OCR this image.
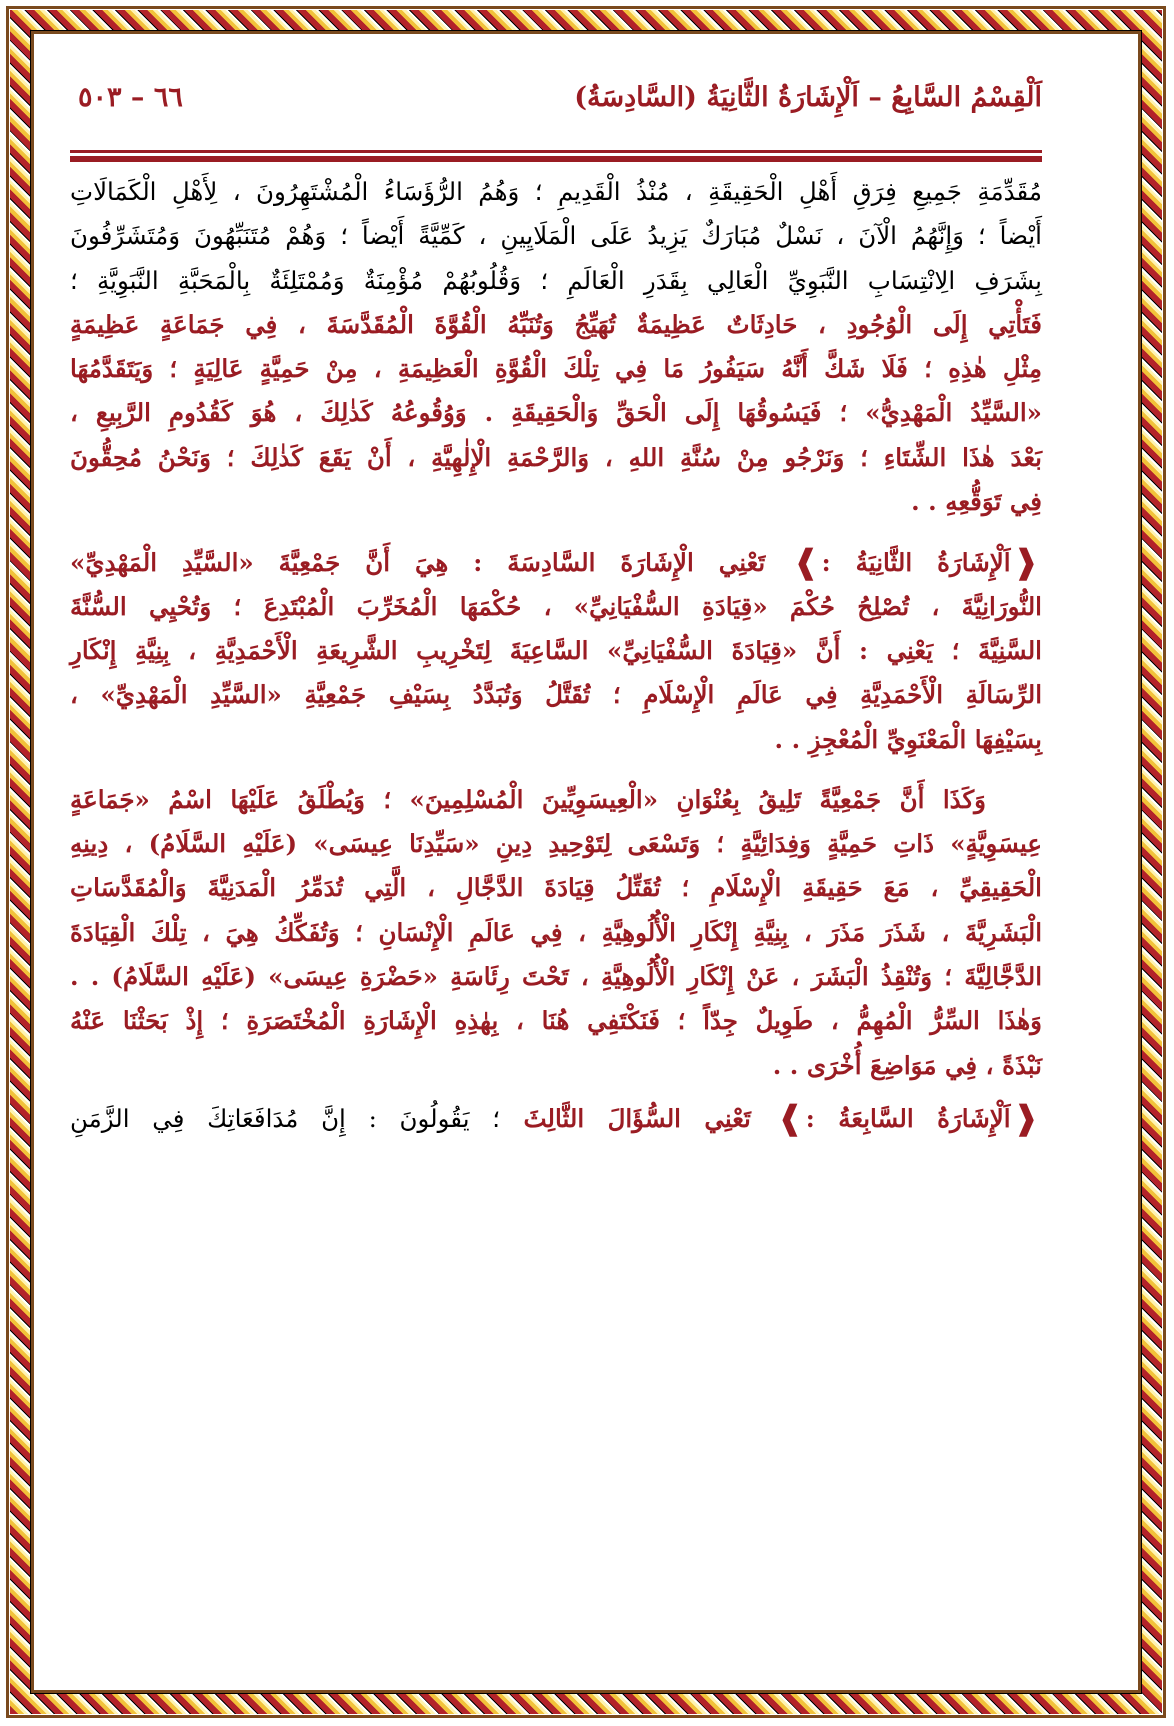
اَلْقِسْمُ السَّابِعُ – اَلْإِشَارَةُ الثَّانِيَةُ (السَّادِسَةُ)
٦٦ – ٥٠٣
مُقَدِّمَةِ جَمِيعِ فِرَقِ أَهْلِ الْحَقِيقَةِ ، مُنْذُ الْقَدِيمِ ؛ وَهُمُ الرُّؤَسَاءُ الْمُشْتَهِرُونَ ، لِأَهْلِ الْكَمَالَاتِ
أَيْضاً ؛ وَإِنَّهُمُ الْآنَ ، نَسْلٌ مُبَارَكٌ يَزِيدُ عَلَى الْمَلَايِينِ ، كَمِّيَّةً أَيْضاً ؛ وَهُمْ مُتَنَبِّهُونَ وَمُتَشَرِّفُونَ
بِشَرَفِ الِانْتِسَابِ النَّبَوِيِّ الْعَالِي بِقَدَرِ الْعَالَمِ ؛ وَقُلُوبُهُمْ مُؤْمِنَةٌ وَمُمْتَلِئَةٌ بِالْمَحَبَّةِ النَّبَوِيَّةِ ؛
فَتَأْتِي إِلَى الْوُجُودِ ، حَادِثَاتٌ عَظِيمَةٌ تُهَيِّجُ وَتُنَبِّهُ الْقُوَّةَ الْمُقَدَّسَةَ ، فِي جَمَاعَةٍ عَظِيمَةٍ
مِثْلِ هٰذِهِ ؛ فَلَا شَكَّ أَنَّهُ سَيَفُورُ مَا فِي تِلْكَ الْقُوَّةِ الْعَظِيمَةِ ، مِنْ حَمِيَّةٍ عَالِيَةٍ ؛ وَيَتَقَدَّمُهَا
«السَّيِّدُ الْمَهْدِيُّ» ؛ فَيَسُوقُهَا إِلَى الْحَقِّ وَالْحَقِيقَةِ . وَوُقُوعُهُ كَذٰلِكَ ، هُوَ كَقُدُومِ الرَّبِيعِ ،
بَعْدَ هٰذَا الشِّتَاءِ ؛ وَنَرْجُو مِنْ سُنَّةِ اللهِ ، وَالرَّحْمَةِ الْإِلٰهِيَّةِ ، أَنْ يَقَعَ كَذٰلِكَ ؛ وَنَحْنُ مُحِقُّونَ
فِي تَوَقُّعِهِ . .
❰اَلْإِشَارَةُ الثَّانِيَةُ :❱ تَعْنِي الْإِشَارَةَ السَّادِسَةَ : هِيَ أَنَّ جَمْعِيَّةَ «السَّيِّدِ الْمَهْدِيِّ»
النُّورَانِيَّةَ ، تُصْلِحُ حُكْمَ «قِيَادَةِ السُّفْيَانِيِّ» ، حُكْمَهَا الْمُخَرِّبَ الْمُبْتَدِعَ ؛ وَتُحْيِي السُّنَّةَ
السَّنِيَّةَ ؛ يَعْنِي : أَنَّ «قِيَادَةَ السُّفْيَانِيِّ» السَّاعِيَةَ لِتَخْرِيبِ الشَّرِيعَةِ الْأَحْمَدِيَّةِ ، بِنِيَّةِ إِنْكَارِ
الرِّسَالَةِ الْأَحْمَدِيَّةِ فِي عَالَمِ الْإِسْلَامِ ؛ تُقَتَّلُ وَتُبَدَّدُ بِسَيْفِ جَمْعِيَّةِ «السَّيِّدِ الْمَهْدِيِّ» ،
بِسَيْفِهَا الْمَعْنَوِيِّ الْمُعْجِزِ . .
وَكَذَا أَنَّ جَمْعِيَّةً تَلِيقُ بِعُنْوَانِ «الْعِيسَوِيِّينَ الْمُسْلِمِينَ» ؛ وَيُطْلَقُ عَلَيْهَا اسْمُ «جَمَاعَةٍ
عِيسَوِيَّةٍ» ذَاتِ حَمِيَّةٍ وَفِدَائِيَّةٍ ؛ وَتَسْعَى لِتَوْحِيدِ دِينِ «سَيِّدِنَا عِيسَى» (عَلَيْهِ السَّلَامُ) ، دِينِهِ
الْحَقِيقِيِّ ، مَعَ حَقِيقَةِ الْإِسْلَامِ ؛ تُقَتِّلُ قِيَادَةَ الدَّجَّالِ ، الَّتِي تُدَمِّرُ الْمَدَنِيَّةَ وَالْمُقَدَّسَاتِ
الْبَشَرِيَّةَ ، شَذَرَ مَذَرَ ، بِنِيَّةِ إِنْكَارِ الْأُلُوهِيَّةِ ، فِي عَالَمِ الْإِنْسَانِ ؛ وَتُفَكِّكُ هِيَ ، تِلْكَ الْقِيَادَةَ
الدَّجَّالِيَّةَ ؛ وَتُنْقِذُ الْبَشَرَ ، عَنْ إِنْكَارِ الْأُلُوهِيَّةِ ، تَحْتَ رِئَاسَةِ «حَضْرَةِ عِيسَى» (عَلَيْهِ السَّلَامُ) . .
وَهٰذَا السِّرُّ الْمُهِمُّ ، طَوِيلٌ جِدّاً ؛ فَنَكْتَفِي هُنَا ، بِهٰذِهِ الْإِشَارَةِ الْمُخْتَصَرَةِ ؛ إِذْ بَحَثْنَا عَنْهُ
نَبْذَةً ، فِي مَوَاضِعَ أُخْرَى . .
❰اَلْإِشَارَةُ السَّابِعَةُ :❱ تَعْنِي السُّؤَالَ الثَّالِثَ ؛ يَقُولُونَ : إِنَّ مُدَافَعَاتِكَ فِي الزَّمَنِ
